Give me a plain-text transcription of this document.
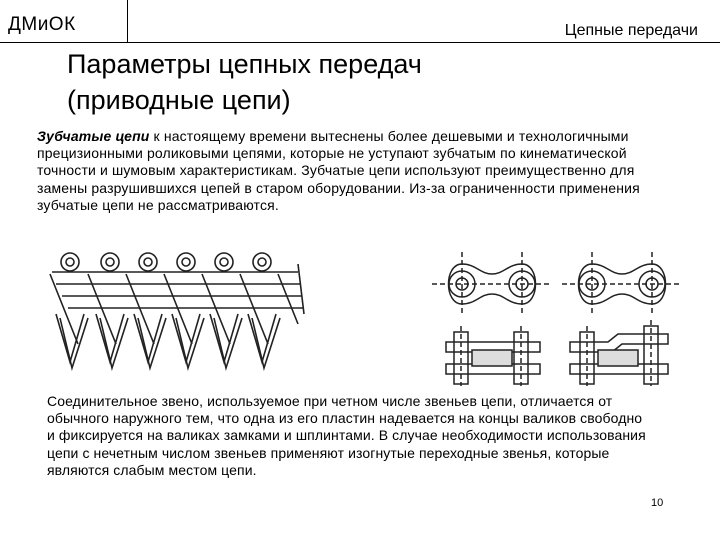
ДМиОК	Цепные передачи
Параметры цепных передач
(приводные цепи)
Зубчатые цепи к настоящему времени вытеснены более дешевыми и технологичными прецизионными роликовыми цепями, которые не уступают зубчатым по кинематической точности и шумовым характеристикам. Зубчатые цепи используют преимущественно для замены разрушившихся цепей в старом оборудовании. Из-за ограниченности применения зубчатые цепи не рассматриваются.
Соединительное звено, используемое при четном числе звеньев цепи, отличается от обычного наружного тем, что одна из его пластин надевается на концы валиков свободно и фиксируется на валиках замками и шплинтами. В случае необходимости использования цепи с нечетным числом звеньев применяют изогнутые переходные звенья, которые являются слабым местом цепи.
10
